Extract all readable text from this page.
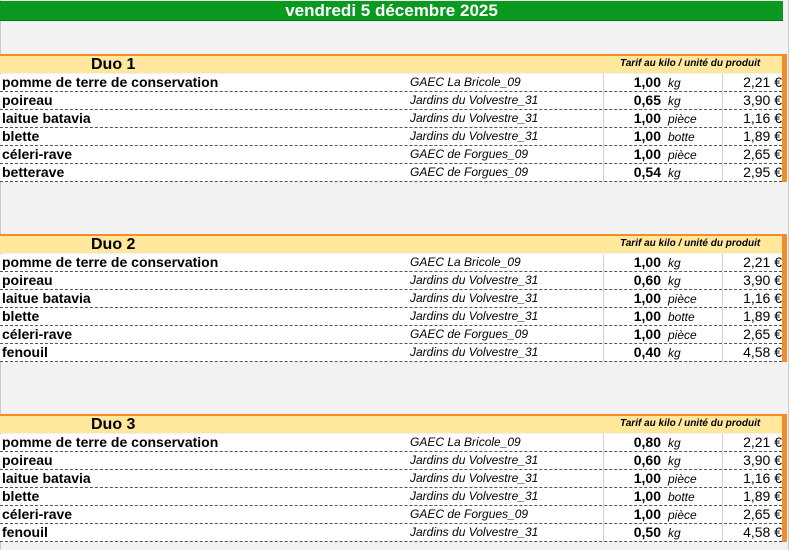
vendredi 5 décembre 2025
Duo 1	Tarif au kilo / unité du produit
pomme de terre de conservation	GAEC La Bricole_09	1,00 kg	2,21 €
poireau	Jardins du Volvestre_31	0,65 kg	3,90 €
laitue batavia	Jardins du Volvestre_31	1,00 pièce	1,16 €
blette	Jardins du Volvestre_31	1,00 botte	1,89 €
céleri-rave	GAEC de Forgues_09	1,00 pièce	2,65 €
betterave	GAEC de Forgues_09	0,54 kg	2,95 €
Duo 2	Tarif au kilo / unité du produit
pomme de terre de conservation	GAEC La Bricole_09	1,00 kg	2,21 €
poireau	Jardins du Volvestre_31	0,60 kg	3,90 €
laitue batavia	Jardins du Volvestre_31	1,00 pièce	1,16 €
blette	Jardins du Volvestre_31	1,00 botte	1,89 €
céleri-rave	GAEC de Forgues_09	1,00 pièce	2,65 €
fenouil	Jardins du Volvestre_31	0,40 kg	4,58 €
Duo 3	Tarif au kilo / unité du produit
pomme de terre de conservation	GAEC La Bricole_09	0,80 kg	2,21 €
poireau	Jardins du Volvestre_31	0,60 kg	3,90 €
laitue batavia	Jardins du Volvestre_31	1,00 pièce	1,16 €
blette	Jardins du Volvestre_31	1,00 botte	1,89 €
céleri-rave	GAEC de Forgues_09	1,00 pièce	2,65 €
fenouil	Jardins du Volvestre_31	0,50 kg	4,58 €
